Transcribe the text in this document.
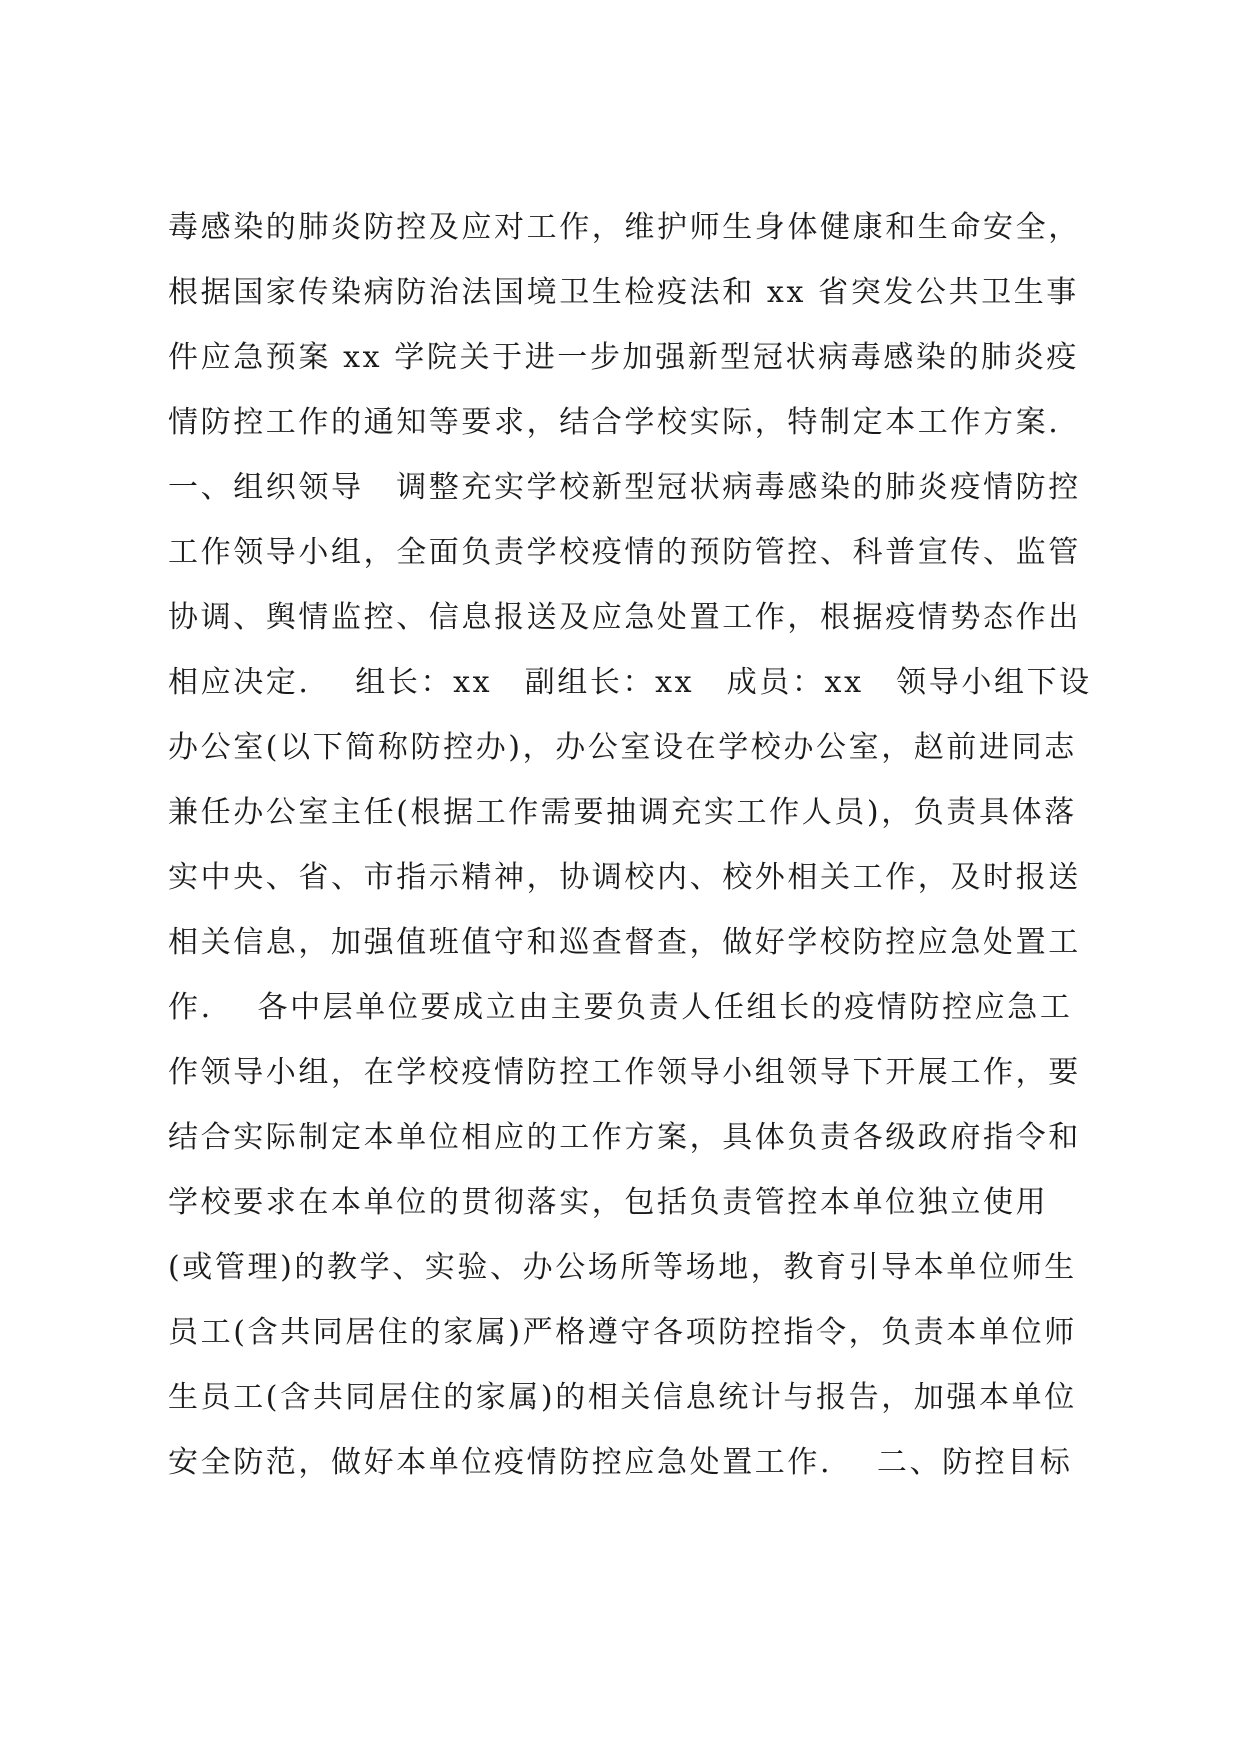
毒感染的肺炎防控及应对工作，维护师生身体健康和生命安全，
根据国家传染病防治法国境卫生检疫法和 xx 省突发公共卫生事
件应急预案 xx 学院关于进一步加强新型冠状病毒感染的肺炎疫
情防控工作的通知等要求，结合学校实际，特制定本工作方案.
一、组织领导　调整充实学校新型冠状病毒感染的肺炎疫情防控
工作领导小组，全面负责学校疫情的预防管控、科普宣传、监管
协调、舆情监控、信息报送及应急处置工作，根据疫情势态作出
相应决定.　 组长：xx　副组长：xx　成员：xx　领导小组下设
办公室(以下简称防控办)，办公室设在学校办公室，赵前进同志
兼任办公室主任(根据工作需要抽调充实工作人员)，负责具体落
实中央、省、市指示精神，协调校内、校外相关工作，及时报送
相关信息，加强值班值守和巡查督查，做好学校防控应急处置工
作.　 各中层单位要成立由主要负责人任组长的疫情防控应急工
作领导小组，在学校疫情防控工作领导小组领导下开展工作，要
结合实际制定本单位相应的工作方案，具体负责各级政府指令和
学校要求在本单位的贯彻落实，包括负责管控本单位独立使用
(或管理)的教学、实验、办公场所等场地，教育引导本单位师生
员工(含共同居住的家属)严格遵守各项防控指令，负责本单位师
生员工(含共同居住的家属)的相关信息统计与报告，加强本单位
安全防范，做好本单位疫情防控应急处置工作.　 二、防控目标
